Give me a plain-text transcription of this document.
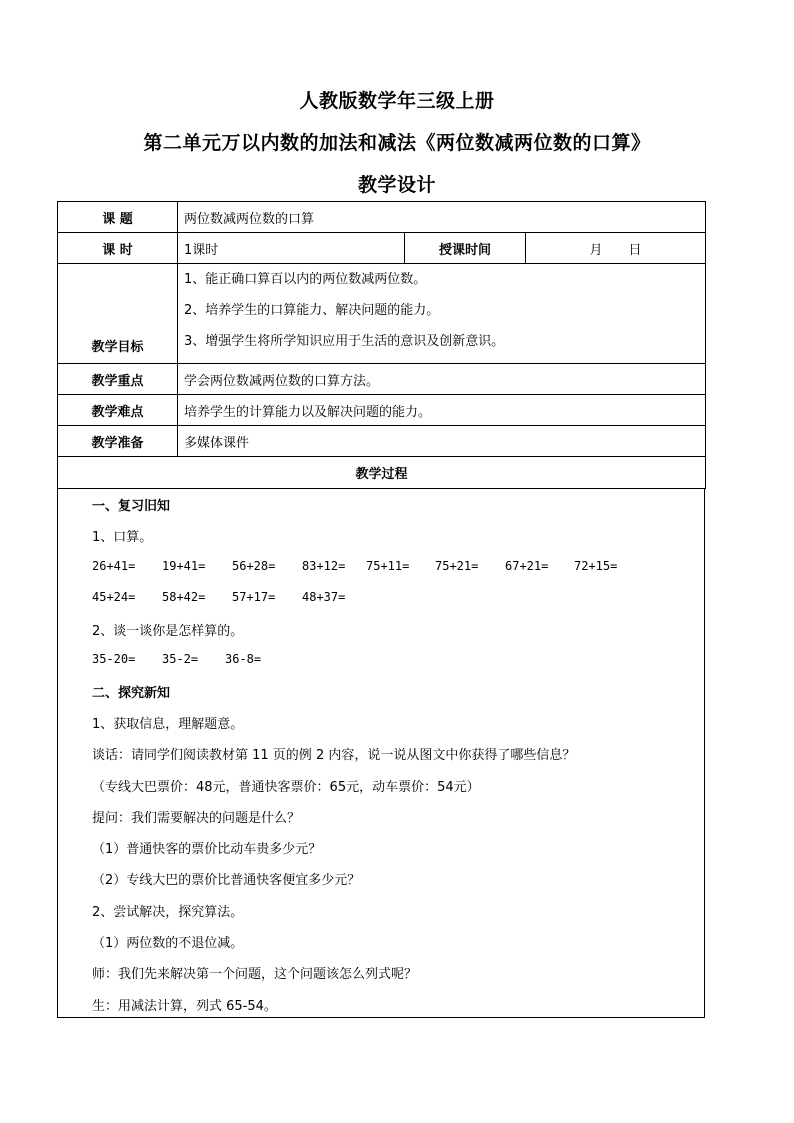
人教版数学年三级上册
第二单元万以内数的加法和减法《两位数减两位数的口算》
教学设计
课 题	两位数减两位数的口算		
课 时	1课时	授课时间	月　　日
教学目标	1、能正确口算百以内的两位数减两位数。
2、培养学生的口算能力、解决问题的能力。
3、增强学生将所学知识应用于生活的意识及创新意识。		

教学重点	学会两位数减两位数的口算方法。		
教学难点	培养学生的计算能力以及解决问题的能力。		
教学准备	多媒体课件		
教学过程			
一、复习旧知
1、口算。
26+41= 19+41= 56+28= 83+12= 75+11= 75+21= 67+21= 72+15=
45+24= 58+42= 57+17= 48+37=
2、谈一谈你是怎样算的。
35-20= 35-2= 36-8=
二、探究新知
1、获取信息，理解题意。
谈话：请同学们阅读教材第 11 页的例 2 内容，说一说从图文中你获得了哪些信息？
（专线大巴票价：48元，普通快客票价：65元，动车票价：54元）
提问：我们需要解决的问题是什么？
（1）普通快客的票价比动车贵多少元？
（2）专线大巴的票价比普通快客便宜多少元？
2、尝试解决，探究算法。
（1）两位数的不退位减。
师：我们先来解决第一个问题，这个问题该怎么列式呢？
生：用减法计算，列式 65-54。
